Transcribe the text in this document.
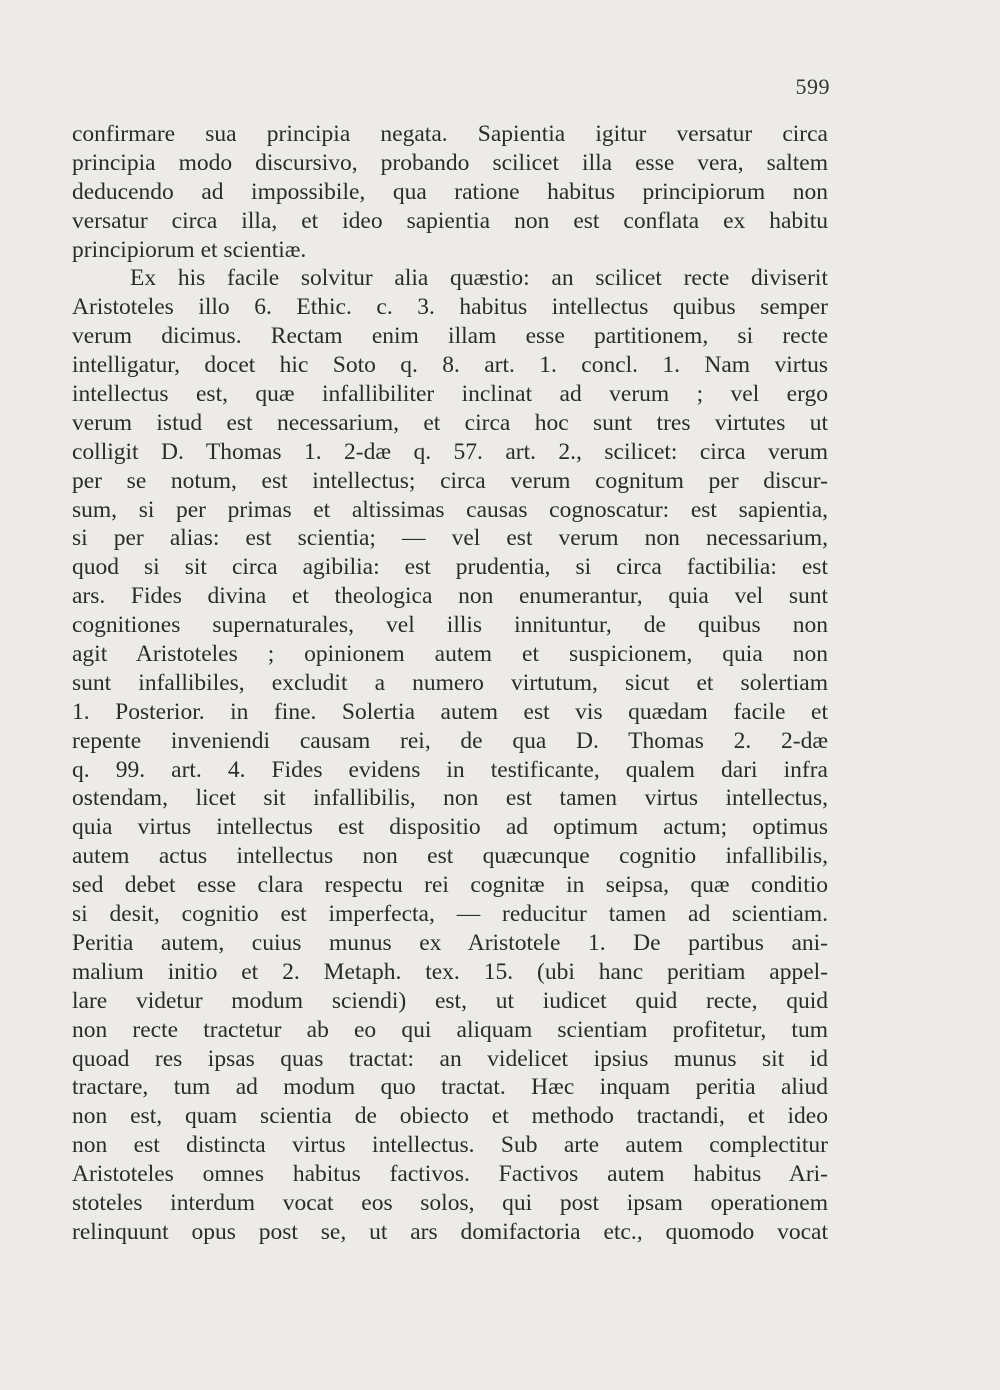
599
confirmare sua principia negata. Sapientia igitur versatur circa
principia modo discursivo, probando scilicet illa esse vera, saltem
deducendo ad impossibile, qua ratione habitus principiorum non
versatur circa illa, et ideo sapientia non est conflata ex habitu
principiorum et scientiæ.
Ex his facile solvitur alia quæstio: an scilicet recte diviserit
Aristoteles illo 6. Ethic. c. 3. habitus intellectus quibus semper
verum dicimus. Rectam enim illam esse partitionem, si recte
intelligatur, docet hic Soto q. 8. art. 1. concl. 1. Nam virtus
intellectus est, quæ infallibiliter inclinat ad verum ; vel ergo
verum istud est necessarium, et circa hoc sunt tres virtutes ut
colligit D. Thomas 1. 2-dæ q. 57. art. 2., scilicet: circa verum
per se notum, est intellectus; circa verum cognitum per discur-
sum, si per primas et altissimas causas cognoscatur: est sapientia,
si per alias: est scientia; — vel est verum non necessarium,
quod si sit circa agibilia: est prudentia, si circa factibilia: est
ars. Fides divina et theologica non enumerantur, quia vel sunt
cognitiones supernaturales, vel illis innituntur, de quibus non
agit Aristoteles ; opinionem autem et suspicionem, quia non
sunt infallibiles, excludit a numero virtutum, sicut et solertiam
1. Posterior. in fine. Solertia autem est vis quædam facile et
repente inveniendi causam rei, de qua D. Thomas 2. 2-dæ
q. 99. art. 4. Fides evidens in testificante, qualem dari infra
ostendam, licet sit infallibilis, non est tamen virtus intellectus,
quia virtus intellectus est dispositio ad optimum actum; optimus
autem actus intellectus non est quæcunque cognitio infallibilis,
sed debet esse clara respectu rei cognitæ in seipsa, quæ conditio
si desit, cognitio est imperfecta, — reducitur tamen ad scientiam.
Peritia autem, cuius munus ex Aristotele 1. De partibus ani-
malium initio et 2. Metaph. tex. 15. (ubi hanc peritiam appel-
lare videtur modum sciendi) est, ut iudicet quid recte, quid
non recte tractetur ab eo qui aliquam scientiam profitetur, tum
quoad res ipsas quas tractat: an videlicet ipsius munus sit id
tractare, tum ad modum quo tractat. Hæc inquam peritia aliud
non est, quam scientia de obiecto et methodo tractandi, et ideo
non est distincta virtus intellectus. Sub arte autem complectitur
Aristoteles omnes habitus factivos. Factivos autem habitus Ari-
stoteles interdum vocat eos solos, qui post ipsam operationem
relinquunt opus post se, ut ars domifactoria etc., quomodo vocat
